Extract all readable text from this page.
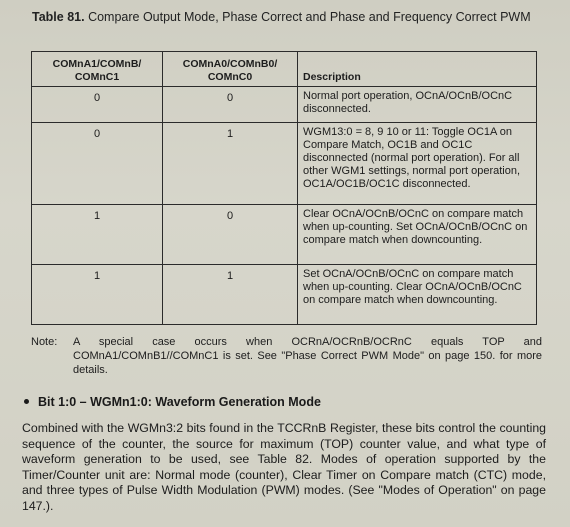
Table 81. Compare Output Mode, Phase Correct and Phase and Frequency Correct PWM
COMnA1/COMnB/ COMnC1	COMnA0/COMnB0/ COMnC0	Description
0	0	Normal port operation, OCnA/OCnB/OCnC disconnected.
0	1	WGM13:0 = 8, 9 10 or 11: Toggle OC1A on Compare Match, OC1B and OC1C disconnected (normal port operation). For all other WGM1 settings, normal port operation, OC1A/OC1B/OC1C disconnected.
1	0	Clear OCnA/OCnB/OCnC on compare match when up-counting. Set OCnA/OCnB/OCnC on compare match when downcounting.
1	1	Set OCnA/OCnB/OCnC on compare match when up-counting. Clear OCnA/OCnB/OCnC on compare match when downcounting.
Note: A special case occurs when OCRnA/OCRnB/OCRnC equals TOP and COMnA1/COMnB1//COMnC1 is set. See "Phase Correct PWM Mode" on page 150. for more details.
Bit 1:0 – WGMn1:0: Waveform Generation Mode
Combined with the WGMn3:2 bits found in the TCCRnB Register, these bits control the counting sequence of the counter, the source for maximum (TOP) counter value, and what type of waveform generation to be used, see Table 82. Modes of operation supported by the Timer/Counter unit are: Normal mode (counter), Clear Timer on Compare match (CTC) mode, and three types of Pulse Width Modulation (PWM) modes. (See "Modes of Operation" on page 147.).
